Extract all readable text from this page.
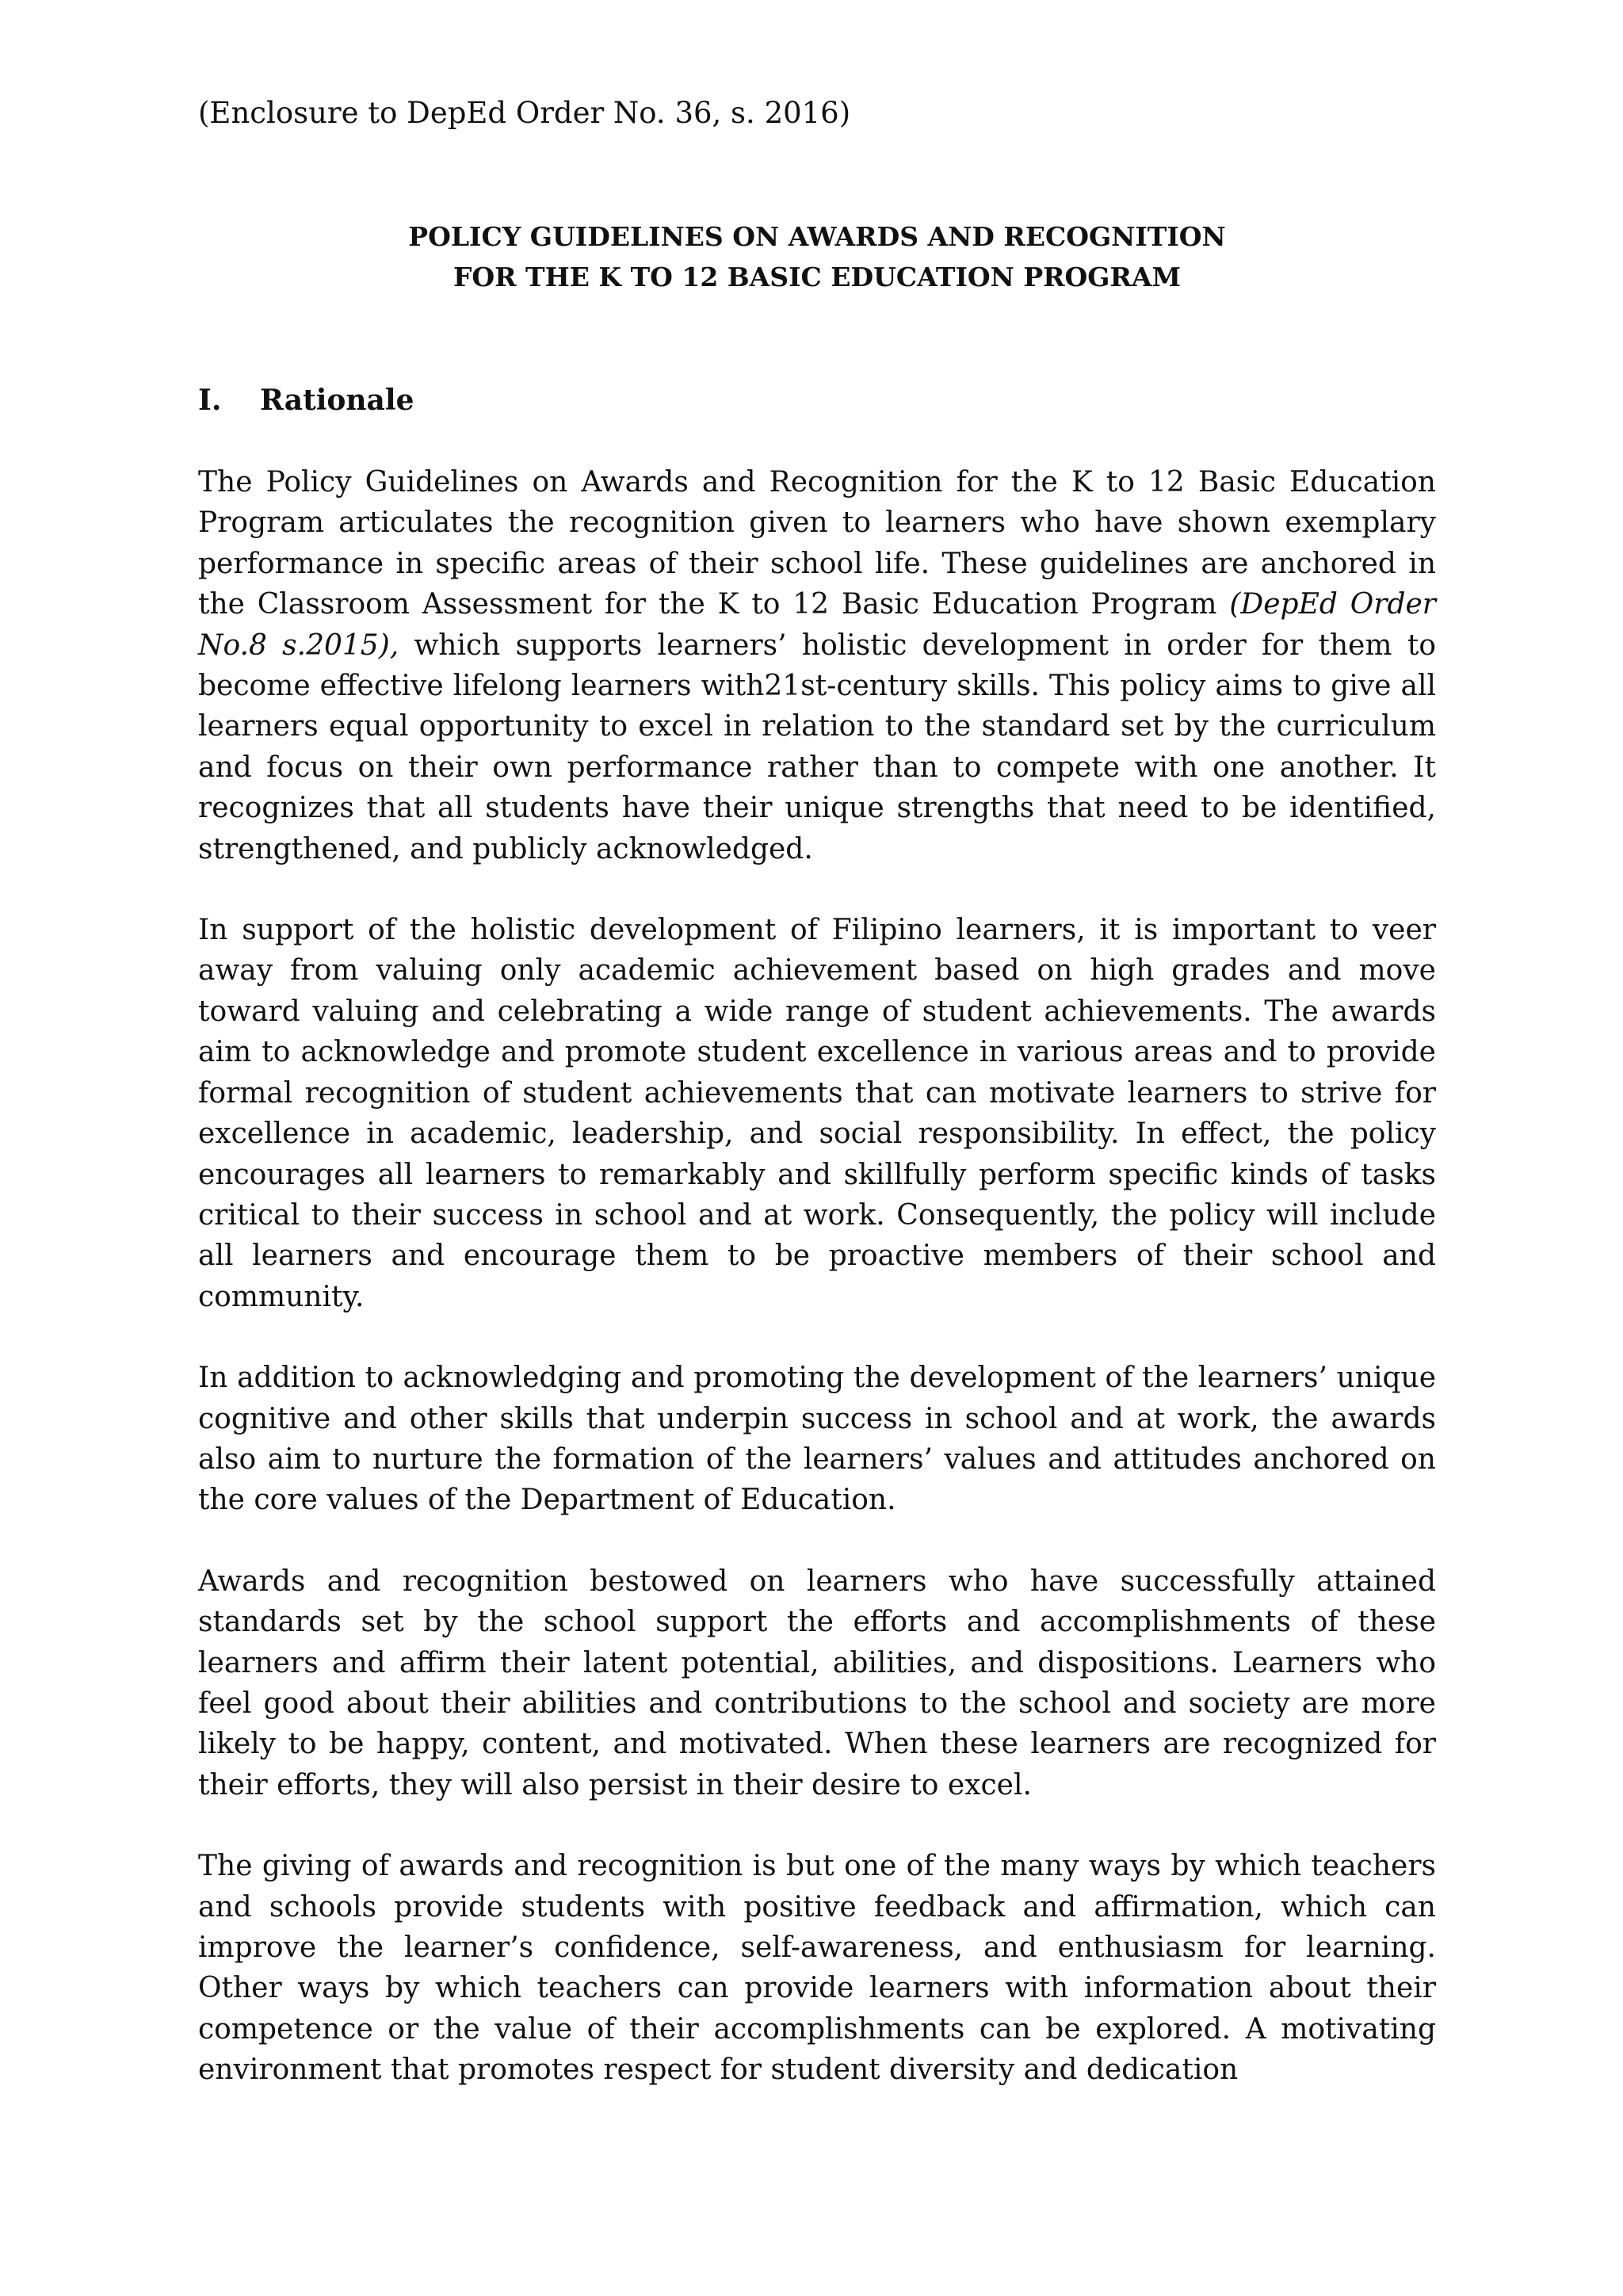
(Enclosure to DepEd Order No. 36, s. 2016)

POLICY GUIDELINES ON AWARDS AND RECOGNITION
FOR THE K TO 12 BASIC EDUCATION PROGRAM
I.	Rationale

The Policy Guidelines on Awards and Recognition for the K to 12 Basic Education Program articulates the recognition given to learners who have shown exemplary performance in specific areas of their school life. These guidelines are anchored in the Classroom Assessment for the K to 12 Basic Education Program (DepEd Order No.8 s.2015), which supports learners’ holistic development in order for them to become effective lifelong learners with21st-century skills. This policy aims to give all learners equal opportunity to excel in relation to the standard set by the curriculum and focus on their own performance rather than to compete with one another. It recognizes that all students have their unique strengths that need to be identified, strengthened, and publicly acknowledged.

In support of the holistic development of Filipino learners, it is important to veer away from valuing only academic achievement based on high grades and move toward valuing and celebrating a wide range of student achievements. The awards aim to acknowledge and promote student excellence in various areas and to provide formal recognition of student achievements that can motivate learners to strive for excellence in academic, leadership, and social responsibility. In effect, the policy encourages all learners to remarkably and skillfully perform specific kinds of tasks critical to their success in school and at work. Consequently, the policy will include all learners and encourage them to be proactive members of their school and community.

In addition to acknowledging and promoting the development of the learners’ unique cognitive and other skills that underpin success in school and at work, the awards also aim to nurture the formation of the learners’ values and attitudes anchored on the core values of the Department of Education.

Awards and recognition bestowed on learners who have successfully attained standards set by the school support the efforts and accomplishments of these learners and affirm their latent potential, abilities, and dispositions. Learners who feel good about their abilities and contributions to the school and society are more likely to be happy, content, and motivated. When these learners are recognized for their efforts, they will also persist in their desire to excel.

The giving of awards and recognition is but one of the many ways by which teachers and schools provide students with positive feedback and affirmation, which can improve the learner’s confidence, self-awareness, and enthusiasm for learning. Other ways by which teachers can provide learners with information about their competence or the value of their accomplishments can be explored. A motivating environment that promotes respect for student diversity and dedication
